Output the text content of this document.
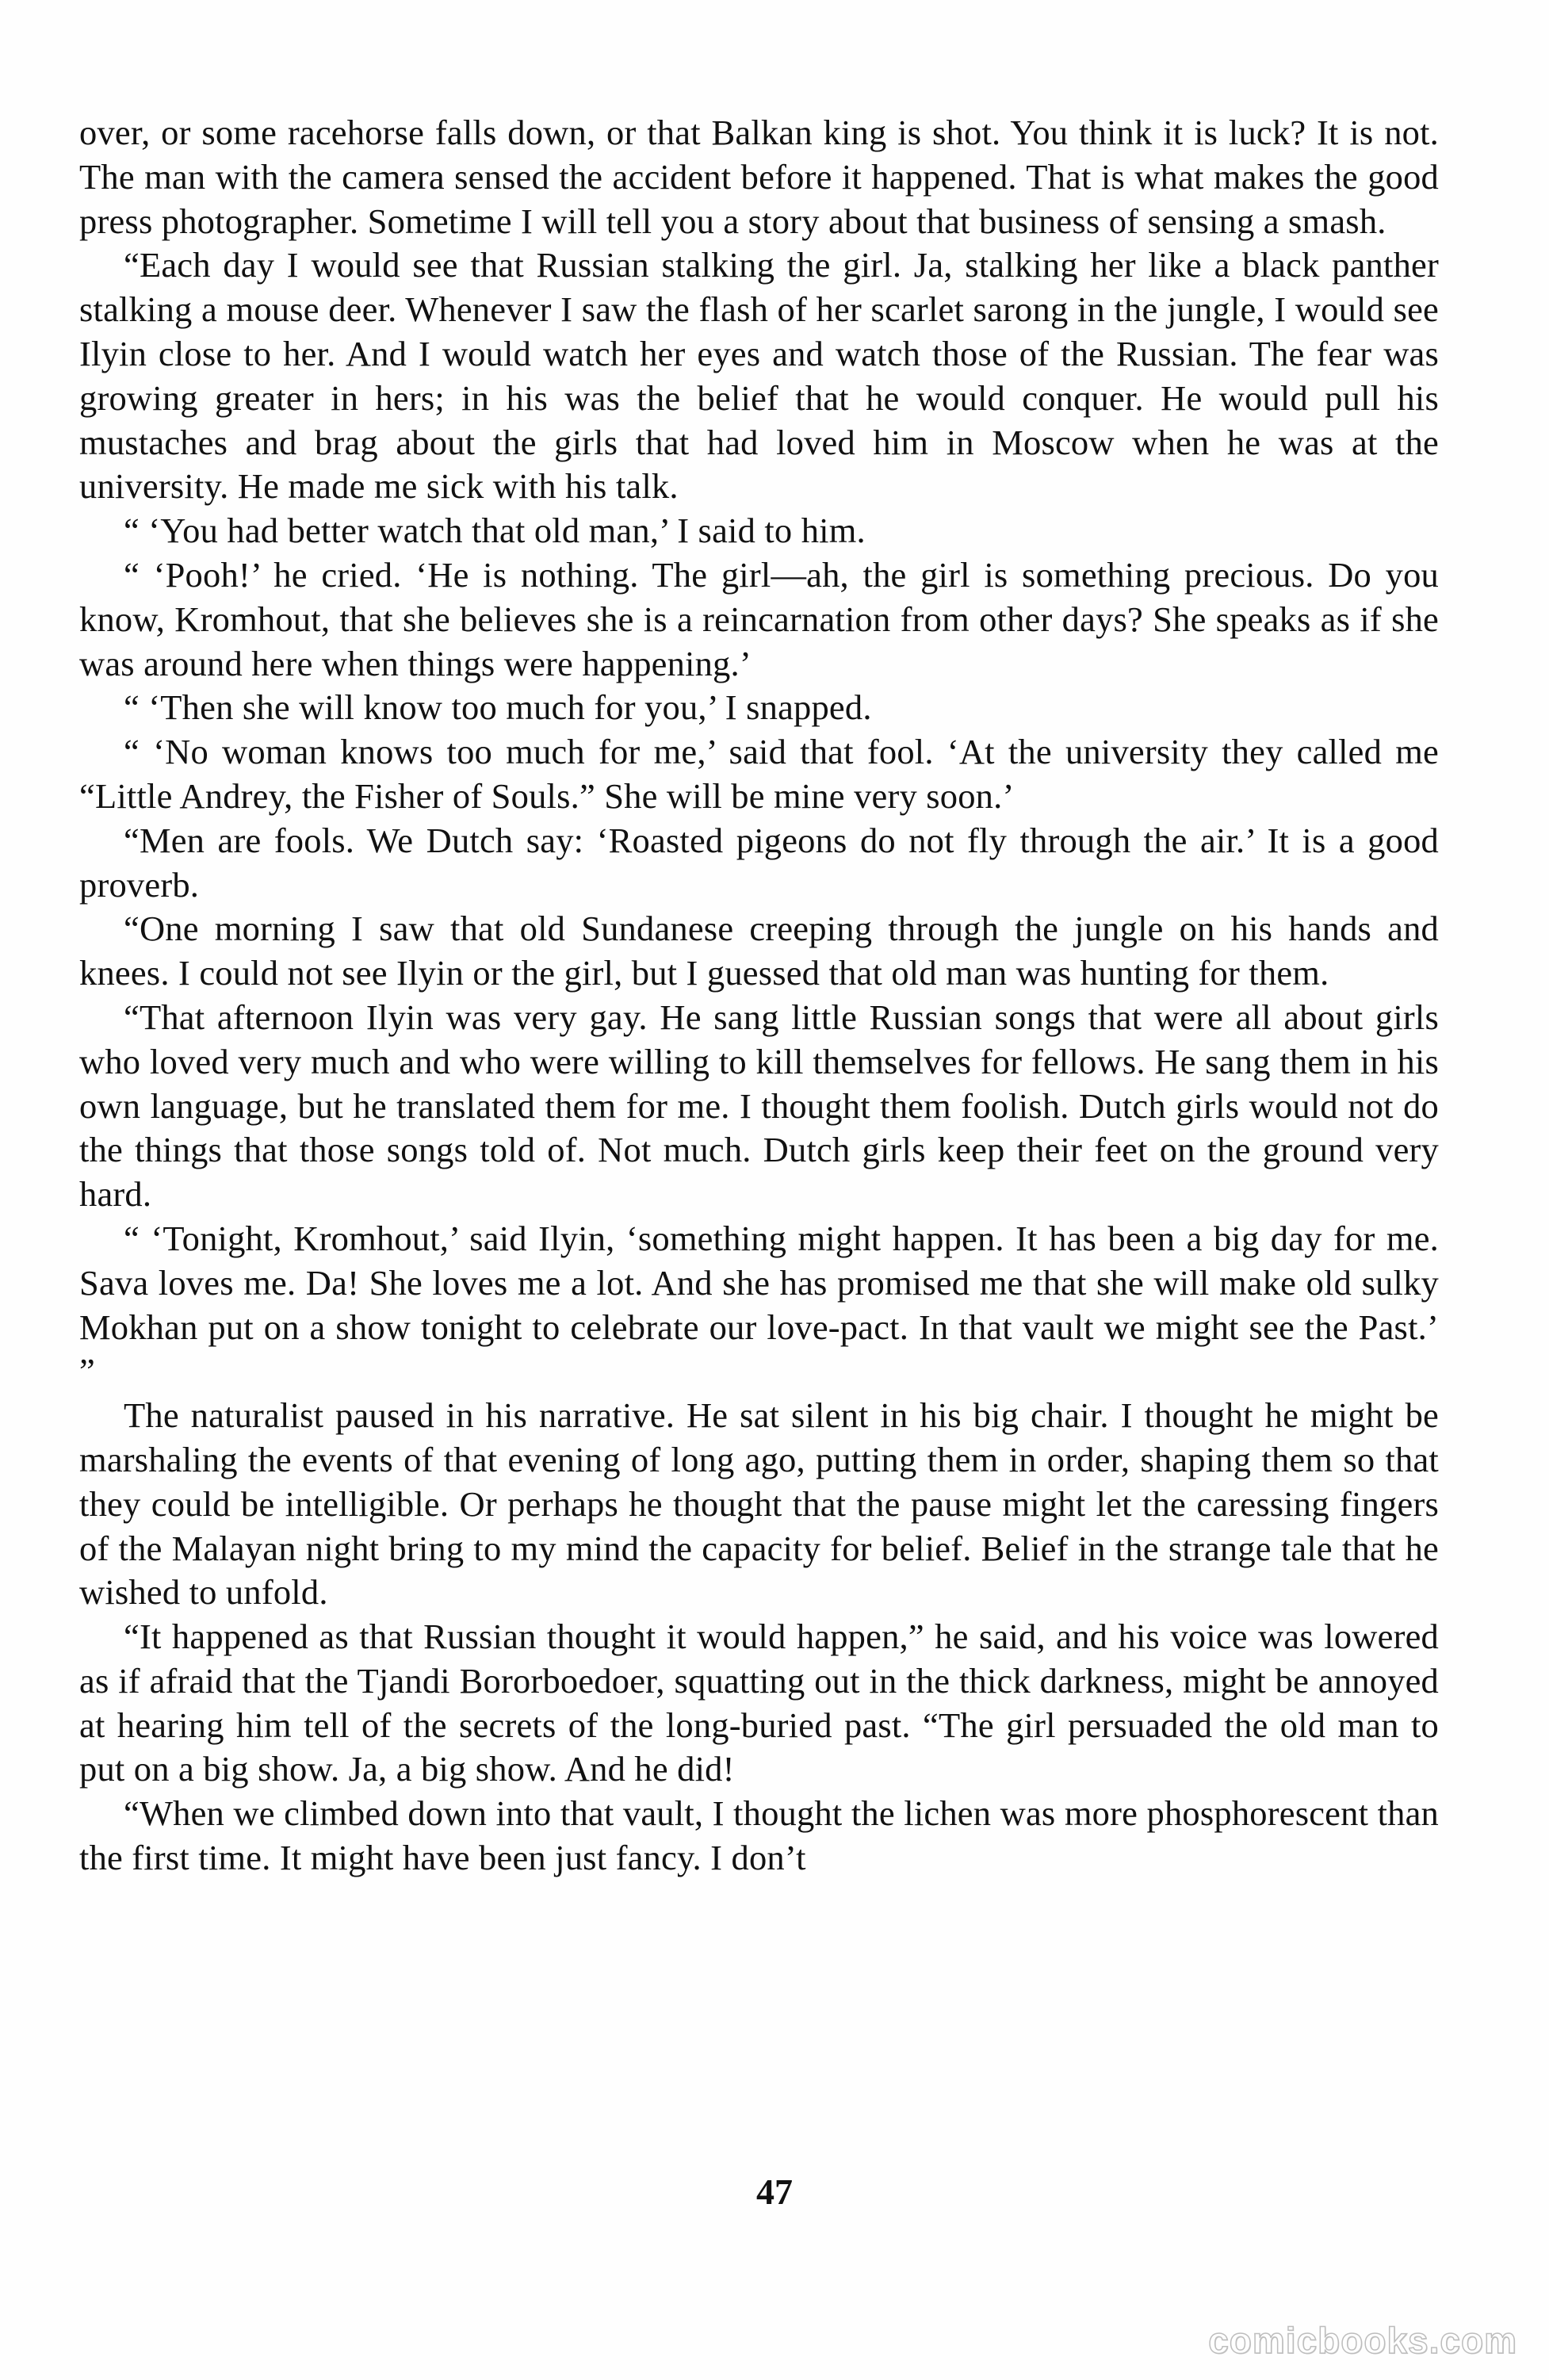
over, or some racehorse falls down, or that Balkan king is shot. You think it is luck? It is not. The man with the camera sensed the accident before it happened. That is what makes the good press photographer. Sometime I will tell you a story about that business of sensing a smash.

“Each day I would see that Russian stalking the girl. Ja, stalking her like a black panther stalking a mouse deer. Whenever I saw the flash of her scarlet sarong in the jungle, I would see Ilyin close to her. And I would watch her eyes and watch those of the Russian. The fear was growing greater in hers; in his was the belief that he would conquer. He would pull his mustaches and brag about the girls that had loved him in Moscow when he was at the university. He made me sick with his talk.

“ ‘You had better watch that old man,’ I said to him.

“ ‘Pooh!’ he cried. ‘He is nothing. The girl—ah, the girl is something precious. Do you know, Kromhout, that she believes she is a reincarnation from other days? She speaks as if she was around here when things were happening.’

“ ‘Then she will know too much for you,’ I snapped.

“ ‘No woman knows too much for me,’ said that fool. ‘At the university they called me “Little Andrey, the Fisher of Souls.” She will be mine very soon.’

“Men are fools. We Dutch say: ‘Roasted pigeons do not fly through the air.’ It is a good proverb.

“One morning I saw that old Sundanese creeping through the jungle on his hands and knees. I could not see Ilyin or the girl, but I guessed that old man was hunting for them.

“That afternoon Ilyin was very gay. He sang little Russian songs that were all about girls who loved very much and who were willing to kill themselves for fellows. He sang them in his own language, but he translated them for me. I thought them foolish. Dutch girls would not do the things that those songs told of. Not much. Dutch girls keep their feet on the ground very hard.

“ ‘Tonight, Kromhout,’ said Ilyin, ‘something might happen. It has been a big day for me. Sava loves me. Da! She loves me a lot. And she has promised me that she will make old sulky Mokhan put on a show tonight to celebrate our love-pact. In that vault we might see the Past.’ ”

The naturalist paused in his narrative. He sat silent in his big chair. I thought he might be marshaling the events of that evening of long ago, putting them in order, shaping them so that they could be intelligible. Or perhaps he thought that the pause might let the caressing fingers of the Malayan night bring to my mind the capacity for belief. Belief in the strange tale that he wished to unfold.

“It happened as that Russian thought it would happen,” he said, and his voice was lowered as if afraid that the Tjandi Bororboedoer, squatting out in the thick darkness, might be annoyed at hearing him tell of the secrets of the long-buried past. “The girl persuaded the old man to put on a big show. Ja, a big show. And he did!

“When we climbed down into that vault, I thought the lichen was more phosphorescent than the first time. It might have been just fancy. I don’t

47
comicbooks.com
